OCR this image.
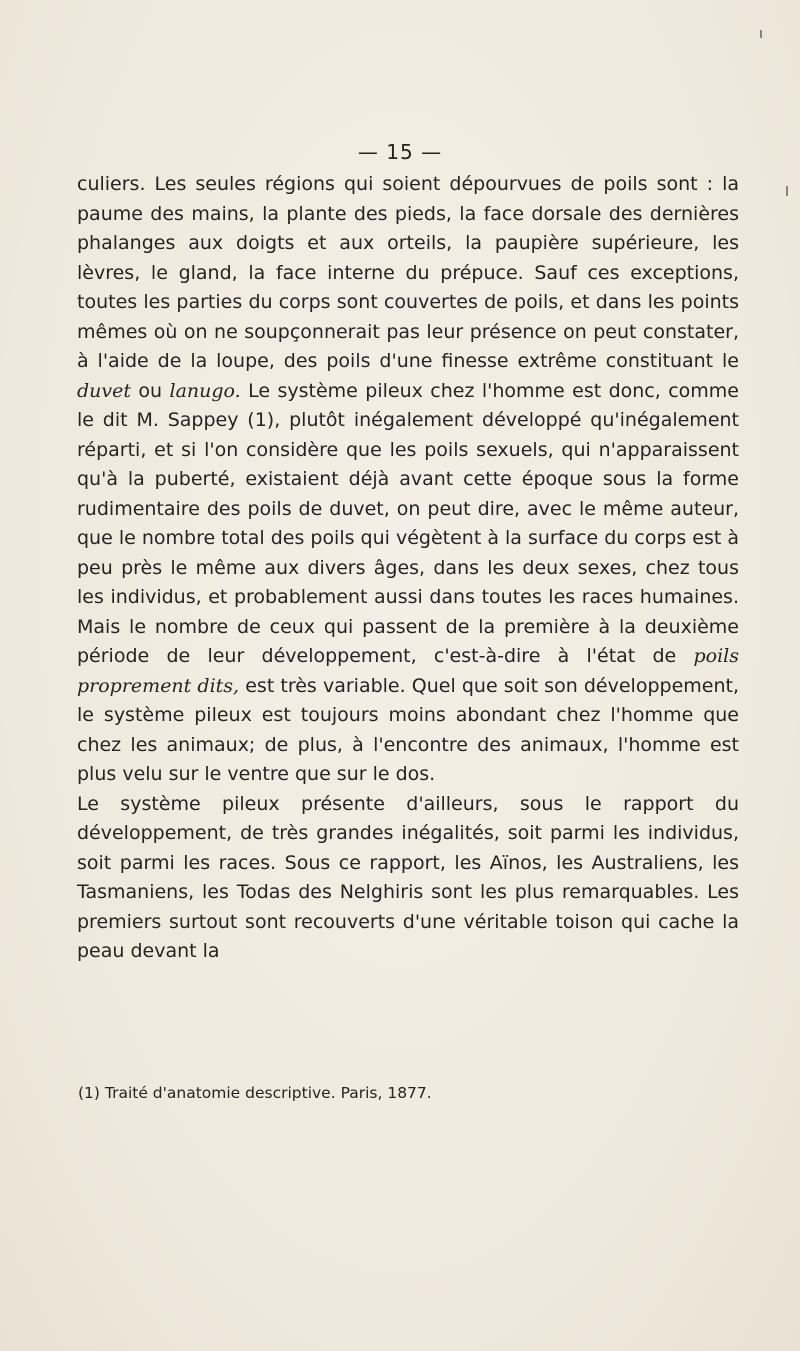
— 15 —

culiers. Les seules régions qui soient dépourvues de poils sont : la paume des mains, la plante des pieds, la face dorsale des dernières phalanges aux doigts et aux orteils, la paupière supérieure, les lèvres, le gland, la face interne du prépuce. Sauf ces exceptions, toutes les parties du corps sont couvertes de poils, et dans les points mêmes où on ne soupçonnerait pas leur présence on peut constater, à l'aide de la loupe, des poils d'une finesse extrême constituant le duvet ou lanugo. Le système pileux chez l'homme est donc, comme le dit M. Sappey (1), plutôt inégalement développé qu'inégalement réparti, et si l'on considère que les poils sexuels, qui n'apparaissent qu'à la puberté, existaient déjà avant cette époque sous la forme rudimentaire des poils de duvet, on peut dire, avec le même auteur, que le nombre total des poils qui végètent à la surface du corps est à peu près le même aux divers âges, dans les deux sexes, chez tous les individus, et probablement aussi dans toutes les races humaines. Mais le nombre de ceux qui passent de la première à la deuxième période de leur développement, c'est-à-dire à l'état de poils proprement dits, est très variable. Quel que soit son développement, le système pileux est toujours moins abondant chez l'homme que chez les animaux; de plus, à l'encontre des animaux, l'homme est plus velu sur le ventre que sur le dos.

Le système pileux présente d'ailleurs, sous le rapport du développement, de très grandes inégalités, soit parmi les individus, soit parmi les races. Sous ce rapport, les Aïnos, les Australiens, les Tasmaniens, les Todas des Nelghiris sont les plus remarquables. Les premiers surtout sont recouverts d'une véritable toison qui cache la peau devant la

(1) Traité d'anatomie descriptive. Paris, 1877.
